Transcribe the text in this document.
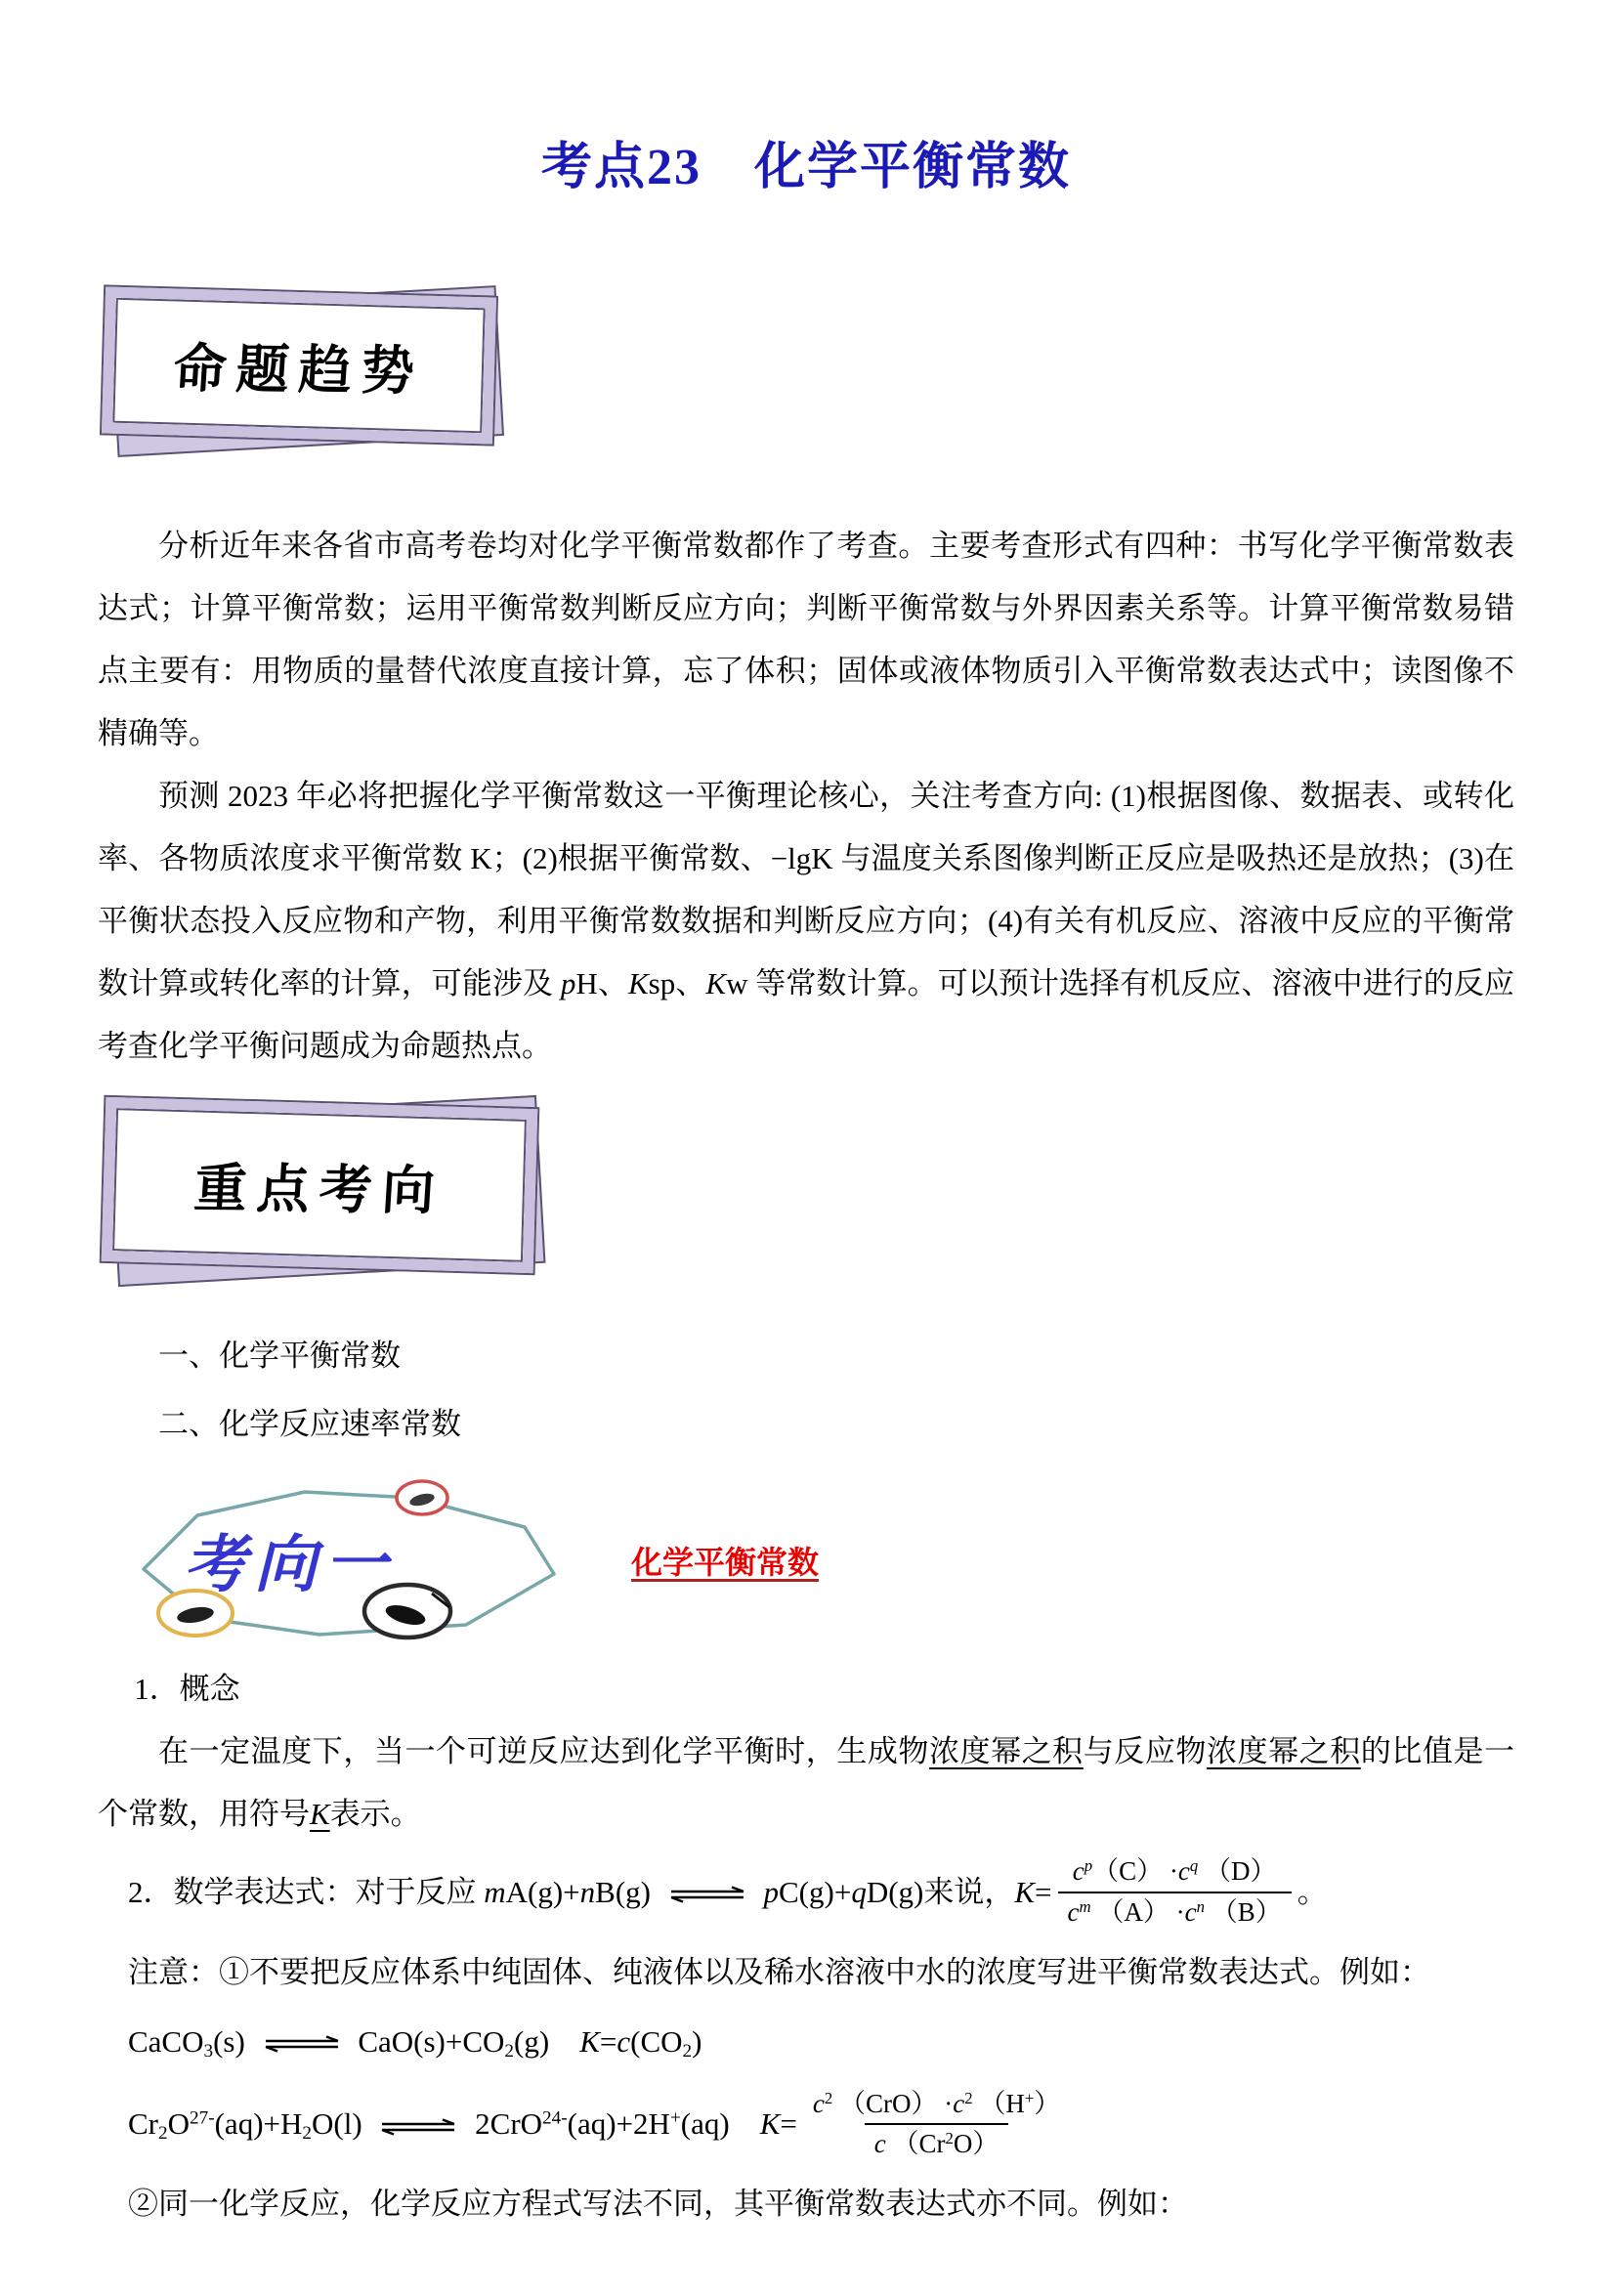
考点23　化学平衡常数
命题趋势

分析近年来各省市高考卷均对化学平衡常数都作了考查。主要考查形式有四种：书写化学平衡常数表达式；计算平衡常数；运用平衡常数判断反应方向；判断平衡常数与外界因素关系等。计算平衡常数易错点主要有：用物质的量替代浓度直接计算，忘了体积；固体或液体物质引入平衡常数表达式中；读图像不精确等。

预测 2023 年必将把握化学平衡常数这一平衡理论核心，关注考查方向: (1)根据图像、数据表、或转化率、各物质浓度求平衡常数 K；(2)根据平衡常数、−lgK 与温度关系图像判断正反应是吸热还是放热；(3)在平衡状态投入反应物和产物，利用平衡常数数据和判断反应方向；(4)有关有机反应、溶液中反应的平衡常数计算或转化率的计算，可能涉及 pH、Ksp、Kw 等常数计算。可以预计选择有机反应、溶液中进行的反应考查化学平衡问题成为命题热点。

重点考向
一、化学平衡常数
二、化学反应速率常数
考向一	化学平衡常数
1．概念

在一定温度下，当一个可逆反应达到化学平衡时，生成物浓度幂之积与反应物浓度幂之积的比值是一个常数，用符号K表示。

2．数学表达式：对于反应 mA(g)+nB(g) ⇌ pC(g)+qD(g)来说，$K= \frac{c^p(C) \cdot c^q (D)}{c^m (A) \cdot c^n (B)}$ 。

注意：①不要把反应体系中纯固体、纯液体以及稀水溶液中水的浓度写进平衡常数表达式。例如：

CaCO$_3$(s) ⇌ $CaO(s)+CO_2(g)$　$K=c(CO_2)$
$Cr_2O^{27-}(aq)+H_2O(l)$ ⇌ 2CrO$^{24-}$(aq)+2H+(aq)　$K= \frac{c^2 (CrO) \cdot c^2 (H^+)}{c (Cr^2O)}$

②同一化学反应，化学反应方程式写法不同，其平衡常数表达式亦不同。例如：
